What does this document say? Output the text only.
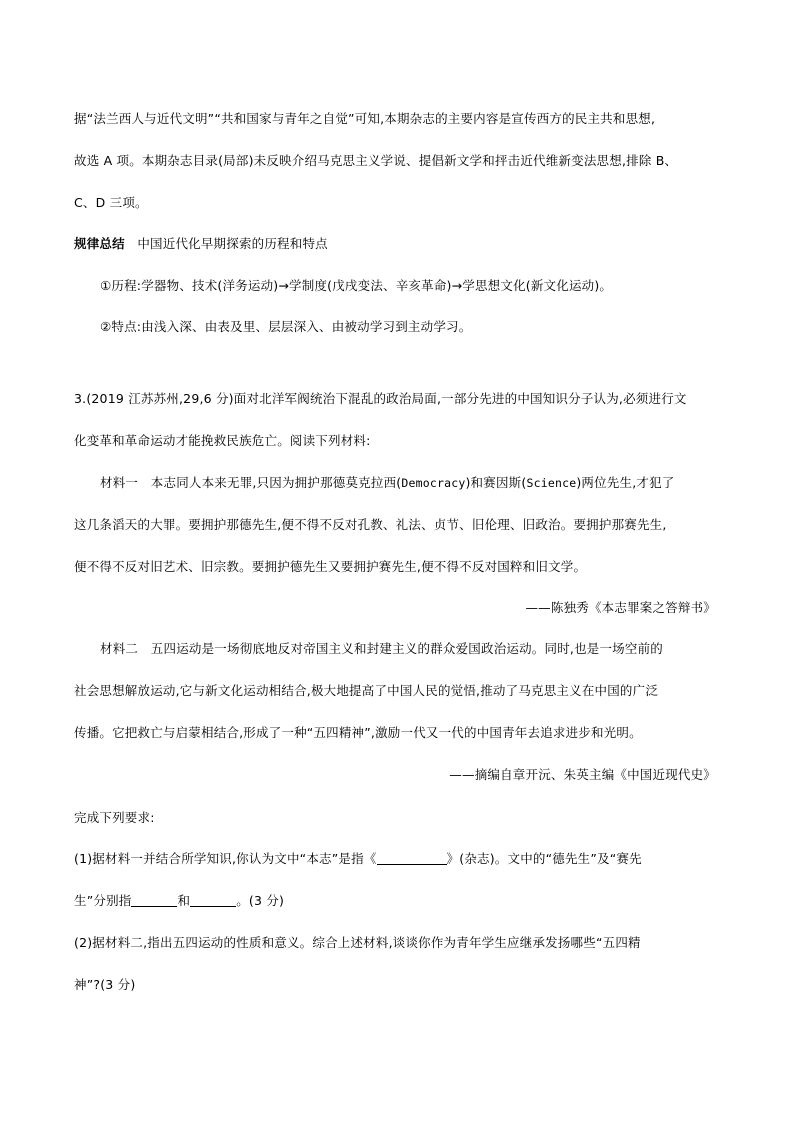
据“法兰西人与近代文明”“共和国家与青年之自觉”可知,本期杂志的主要内容是宣传西方的民主共和思想,
故选 A 项。本期杂志目录(局部)未反映介绍马克思主义学说、提倡新文学和抨击近代维新变法思想,排除 B、
C、D 三项。
规律总结 中国近代化早期探索的历程和特点
①历程:学器物、技术(洋务运动)→学制度(戊戌变法、辛亥革命)→学思想文化(新文化运动)。
②特点:由浅入深、由表及里、层层深入、由被动学习到主动学习。
3.(2019 江苏苏州,29,6 分)面对北洋军阀统治下混乱的政治局面,一部分先进的中国知识分子认为,必须进行文
化变革和革命运动才能挽救民族危亡。阅读下列材料:
材料一　本志同人本来无罪,只因为拥护那德莫克拉西(Democracy)和赛因斯(Science)两位先生,才犯了
这几条滔天的大罪。要拥护那德先生,便不得不反对孔教、礼法、贞节、旧伦理、旧政治。要拥护那赛先生,
便不得不反对旧艺术、旧宗教。要拥护德先生又要拥护赛先生,便不得不反对国粹和旧文学。
——陈独秀《本志罪案之答辩书》
材料二　五四运动是一场彻底地反对帝国主义和封建主义的群众爱国政治运动。同时,也是一场空前的
社会思想解放运动,它与新文化运动相结合,极大地提高了中国人民的觉悟,推动了马克思主义在中国的广泛
传播。它把救亡与启蒙相结合,形成了一种“五四精神”,激励一代又一代的中国青年去追求进步和光明。
——摘编自章开沅、朱英主编《中国近现代史》
完成下列要求:
(1)据材料一并结合所学知识,你认为文中“本志”是指《	》(杂志)。文中的“德先生”及“赛先
生”分别指	和	。(3 分)
(2)据材料二,指出五四运动的性质和意义。综合上述材料,谈谈你作为青年学生应继承发扬哪些“五四精
神”?(3 分)
